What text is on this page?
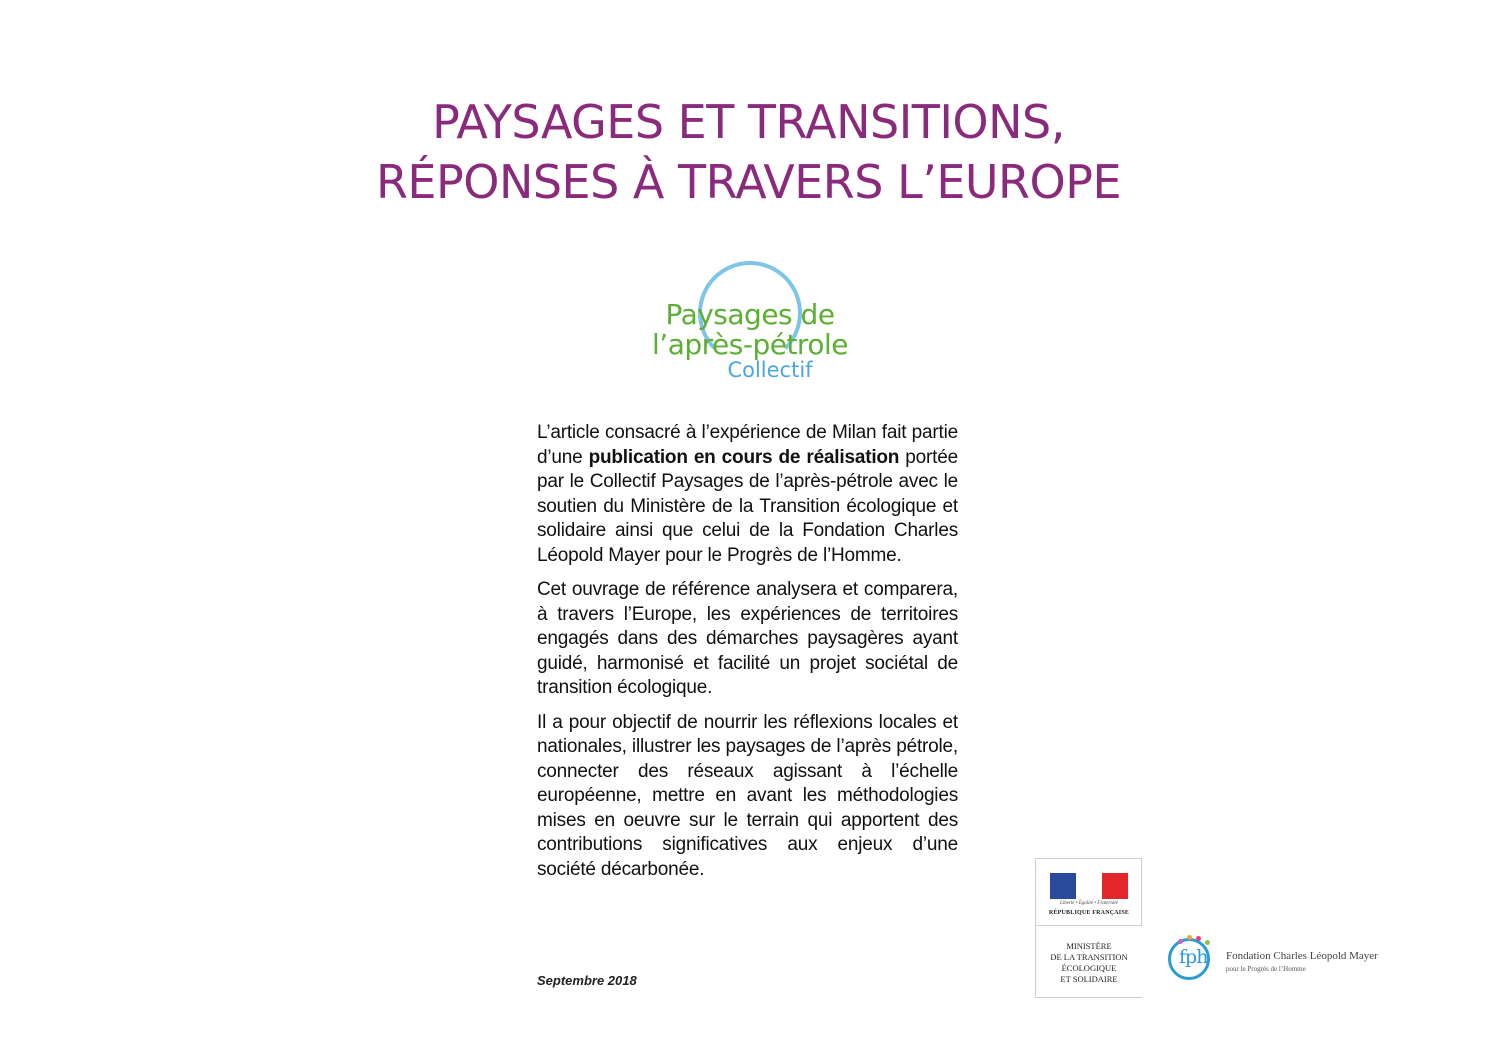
PAYSAGES ET TRANSITIONS,
RÉPONSES À TRAVERS L’EUROPE
Paysages de
l’après-pétrole
Collectif

L’article consacré à l’expérience de Milan fait partie d’une publication en cours de réalisation portée par le Collectif Paysages de l’après-pétrole avec le soutien du Ministère de la Transition écologique et solidaire ainsi que celui de la Fondation Charles Léopold Mayer pour le Progrès de l’Homme.

Cet ouvrage de référence analysera et comparera, à travers l’Europe, les expériences de territoires engagés dans des démarches paysagères ayant guidé, harmonisé et facilité un projet sociétal de transition écologique.

Il a pour objectif de nourrir les réflexions locales et nationales, illustrer les paysages de l’après pétrole, connecter des réseaux agissant à l’échelle européenne, mettre en avant les méthodologies mises en oeuvre sur le terrain qui apportent des contributions significatives aux enjeux d’une société décarbonée.

Septembre 2018
Liberté • Égalité • Fraternité
RÉPUBLIQUE FRANÇAISE
MINISTÈRE
DE LA TRANSITION
ÉCOLOGIQUE
ET SOLIDAIRE
fph Fondation Charles Léopold Mayer
pour le Progrès de l’Homme
